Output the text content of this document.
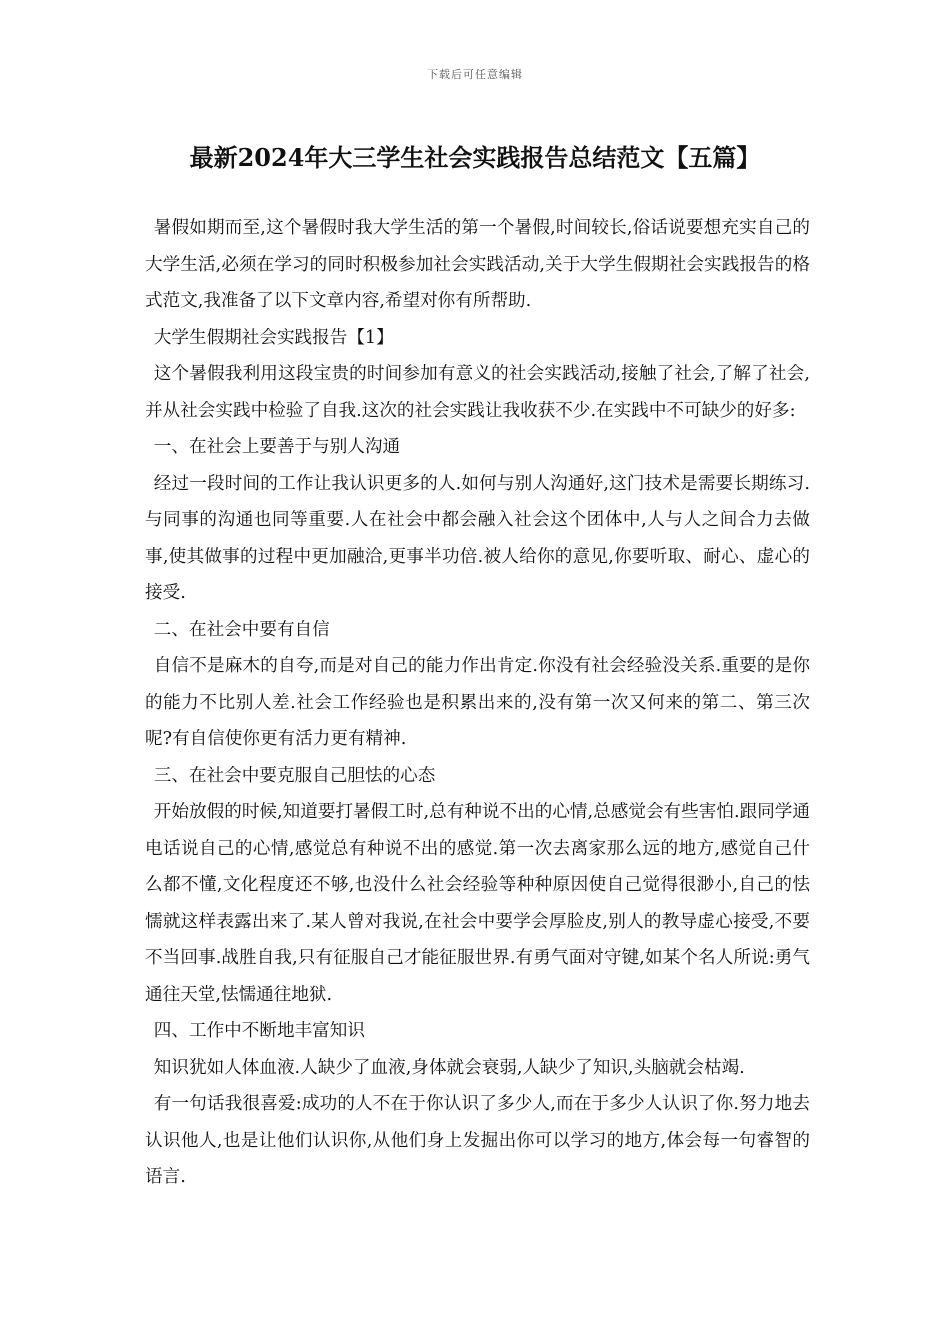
下载后可任意编辑
最新2024年大三学生社会实践报告总结范文【五篇】

暑假如期而至,这个暑假时我大学生活的第一个暑假,时间较长,俗话说要想充实自己的大学生活,必须在学习的同时积极参加社会实践活动,关于大学生假期社会实践报告的格式范文,我准备了以下文章内容,希望对你有所帮助.

大学生假期社会实践报告【1】

这个暑假我利用这段宝贵的时间参加有意义的社会实践活动,接触了社会,了解了社会,并从社会实践中检验了自我.这次的社会实践让我收获不少.在实践中不可缺少的好多:

一、在社会上要善于与别人沟通

经过一段时间的工作让我认识更多的人.如何与别人沟通好,这门技术是需要长期练习.与同事的沟通也同等重要.人在社会中都会融入社会这个团体中,人与人之间合力去做事,使其做事的过程中更加融洽,更事半功倍.被人给你的意见,你要听取、耐心、虚心的接受.

二、在社会中要有自信

自信不是麻木的自夸,而是对自己的能力作出肯定.你没有社会经验没关系.重要的是你的能力不比别人差.社会工作经验也是积累出来的,没有第一次又何来的第二、第三次呢?有自信使你更有活力更有精神.

三、在社会中要克服自己胆怯的心态

开始放假的时候,知道要打暑假工时,总有种说不出的心情,总感觉会有些害怕.跟同学通电话说自己的心情,感觉总有种说不出的感觉.第一次去离家那么远的地方,感觉自己什么都不懂,文化程度还不够,也没什么社会经验等种种原因使自己觉得很渺小,自己的怯懦就这样表露出来了.某人曾对我说,在社会中要学会厚脸皮,别人的教导虚心接受,不要不当回事.战胜自我,只有征服自己才能征服世界.有勇气面对守键,如某个名人所说:勇气通往天堂,怯懦通往地狱.

四、工作中不断地丰富知识

知识犹如人体血液.人缺少了血液,身体就会衰弱,人缺少了知识,头脑就会枯竭.

有一句话我很喜爱:成功的人不在于你认识了多少人,而在于多少人认识了你.努力地去认识他人,也是让他们认识你,从他们身上发掘出你可以学习的地方,体会每一句睿智的语言.
